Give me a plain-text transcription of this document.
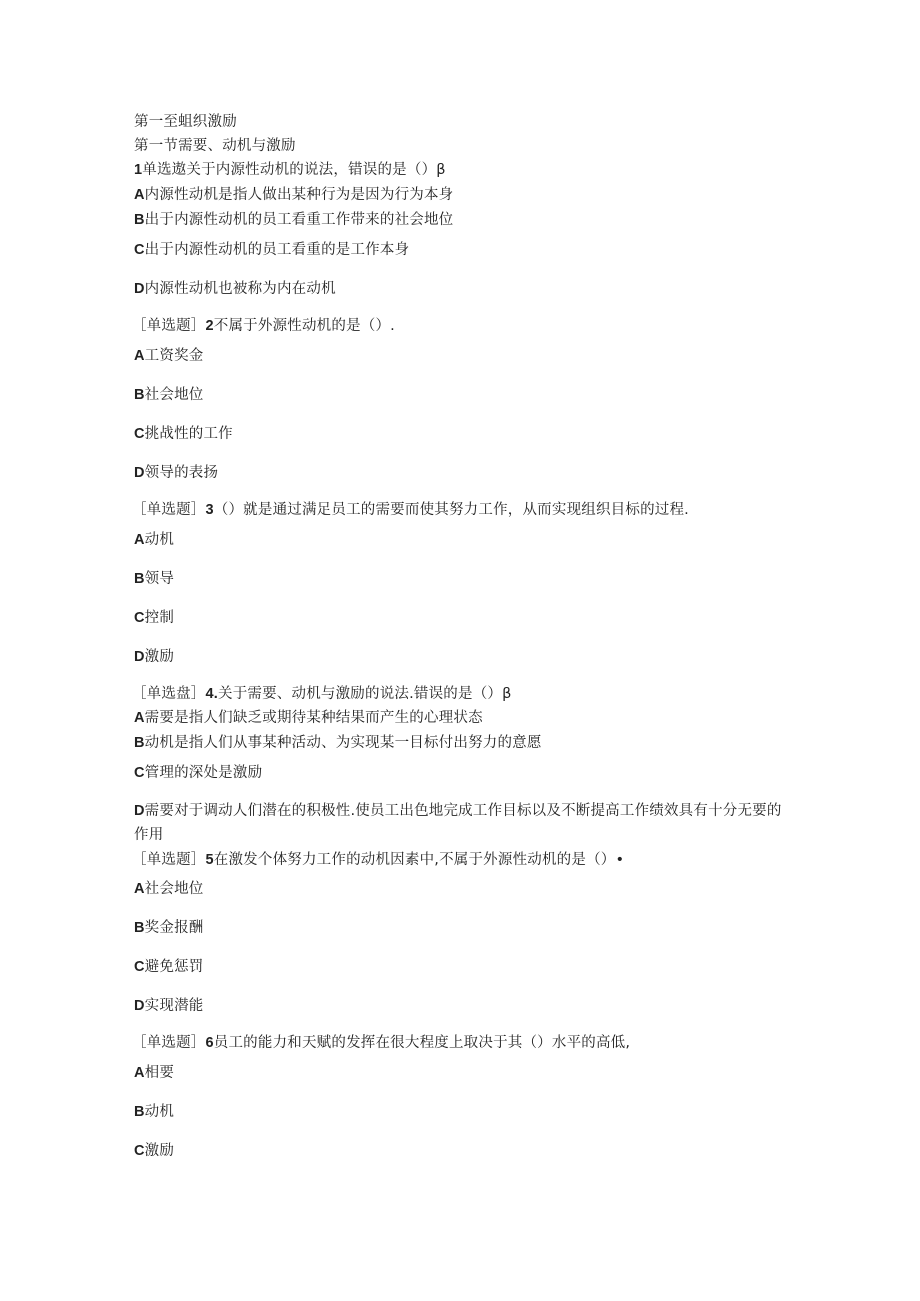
第一至蛆织激励
第一节需要、动机与激励
1单选遨关于内源性动机的说法，错误的是（）β
A内源性动机是指人做出某种行为是因为行为本身
B出于内源性动机的员工看重工作带来的社会地位
C出于内源性动机的员工看重的是工作本身
D内源性动机也被称为内在动机
［单选题］2不属于外源性动机的是（）.
A工资奖金
B社会地位
C挑战性的工作
D领导的表扬
［单选题］3（）就是通过满足员工的需要而使其努力工作，从而实现组织目标的过程.
A动机
B领导
C控制
D激励
［单选盘］4.关于需要、动机与激励的说法.错误的是（）β
A需要是指人们缺乏或期待某种结果而产生的心理状态
B动机是指人们从事某种活动、为实现某一目标付出努力的意愿
C管理的深处是激励
D需要对于调动人们潜在的积极性.使员工出色地完成工作目标以及不断提高工作绩效具有十分无要的作用
［单选题］5在激发个体努力工作的动机因素中,不属于外源性动机的是（）•
A社会地位
B奖金报酬
C避免惩罚
D实现潜能
［单选题］6员工的能力和天赋的发挥在很大程度上取决于其（）水平的高低,
A相要
B动机
C激励
